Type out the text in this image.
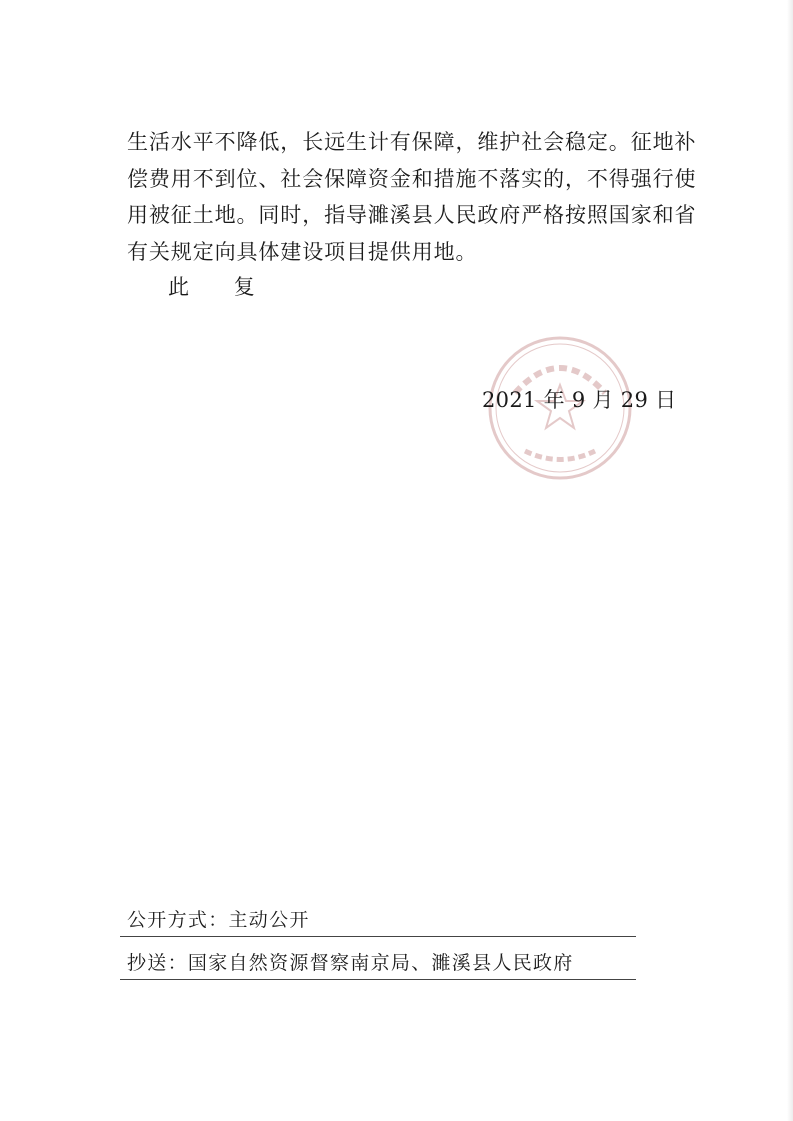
生活水平不降低，长远生计有保障，维护社会稳定。征地补
偿费用不到位、社会保障资金和措施不落实的，不得强行使
用被征土地。同时，指导濉溪县人民政府严格按照国家和省
有关规定向具体建设项目提供用地。
此 复
2021 年 9 月 29 日
公开方式：主动公开
抄送：国家自然资源督察南京局、濉溪县人民政府
